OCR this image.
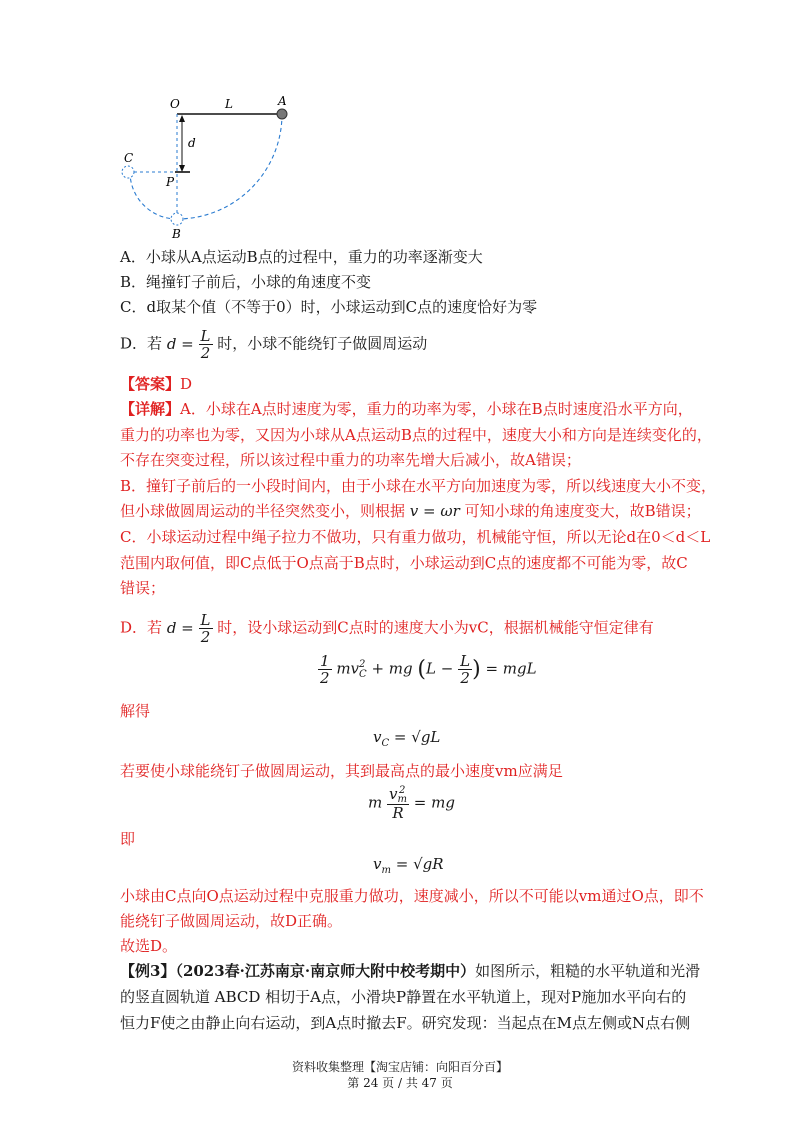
O	L	A
d
C
P
B
A．小球从A点运动B点的过程中，重力的功率逐渐变大
B．绳撞钉子前后，小球的角速度不变
C．d取某个值（不等于0）时，小球运动到C点的速度恰好为零
D．若 $d = \frac{L}{2}$ 时，小球不能绕钉子做圆周运动
【答案】D
【详解】A．小球在A点时速度为零，重力的功率为零，小球在B点时速度沿水平方向，
重力的功率也为零，又因为小球从A点运动B点的过程中，速度大小和方向是连续变化的，
不存在突变过程，所以该过程中重力的功率先增大后减小，故A错误；
B．撞钉子前后的一小段时间内，由于小球在水平方向加速度为零，所以线速度大小不变，
但小球做圆周运动的半径突然变小，则根据 v = ωr 可知小球的角速度变大，故B错误；
C．小球运动过程中绳子拉力不做功，只有重力做功，机械能守恒，所以无论d在0＜d＜L
范围内取何值，即C点低于O点高于B点时，小球运动到C点的速度都不可能为零，故C
错误；
D．若 $d = \frac{L}{2}$ 时，设小球运动到C点时的速度大小为vC，根据机械能守恒定律有
$\frac{1}{2}$ mv 2
C + mg ($L - \frac{L}{2}$ ) = mgL
解得
$v_C = √gL$
若要使小球能绕钉子做圆周运动，其到最高点的最小速度vm应满足
m v 2
m
R = mg
即
$v_m = √gR$
小球由C点向O点运动过程中克服重力做功，速度减小，所以不可能以vm通过O点，即不
能绕钉子做圆周运动，故D正确。
故选D。
【例3】（2023春·江苏南京·南京师大附中校考期中）如图所示，粗糙的水平轨道和光滑
的竖直圆轨道 ABCD 相切于A点，小滑块P静置在水平轨道上，现对P施加水平向右的
恒力F使之由静止向右运动，到A点时撤去F。研究发现：当起点在M点左侧或N点右侧
资料收集整理【淘宝店铺：向阳百分百】
第 24 页 / 共 47 页
